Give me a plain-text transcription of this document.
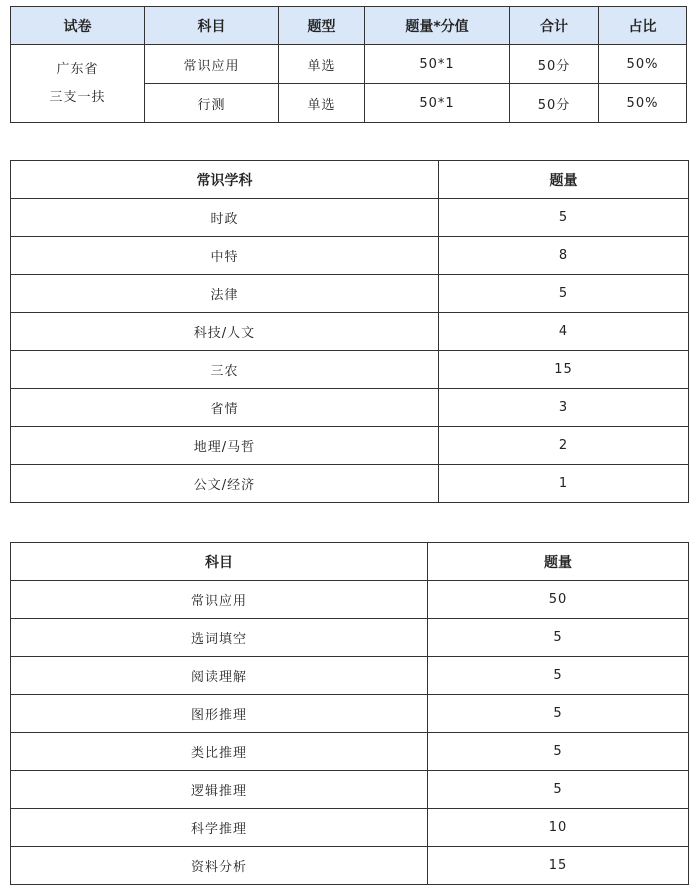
试卷	科目	题型	题量*分值	合计	占比

广东省
三支一扶	常识应用	单选	50*1	50分	50%
	行测	单选	50*1	50分	50%
常识学科	题量
时政	5
中特	8
法律	5
科技/人文	4
三农	15
省情	3
地理/马哲	2
公文/经济	1
科目	题量
常识应用	50
选词填空	5
阅读理解	5
图形推理	5
类比推理	5
逻辑推理	5
科学推理	10
资料分析	15
